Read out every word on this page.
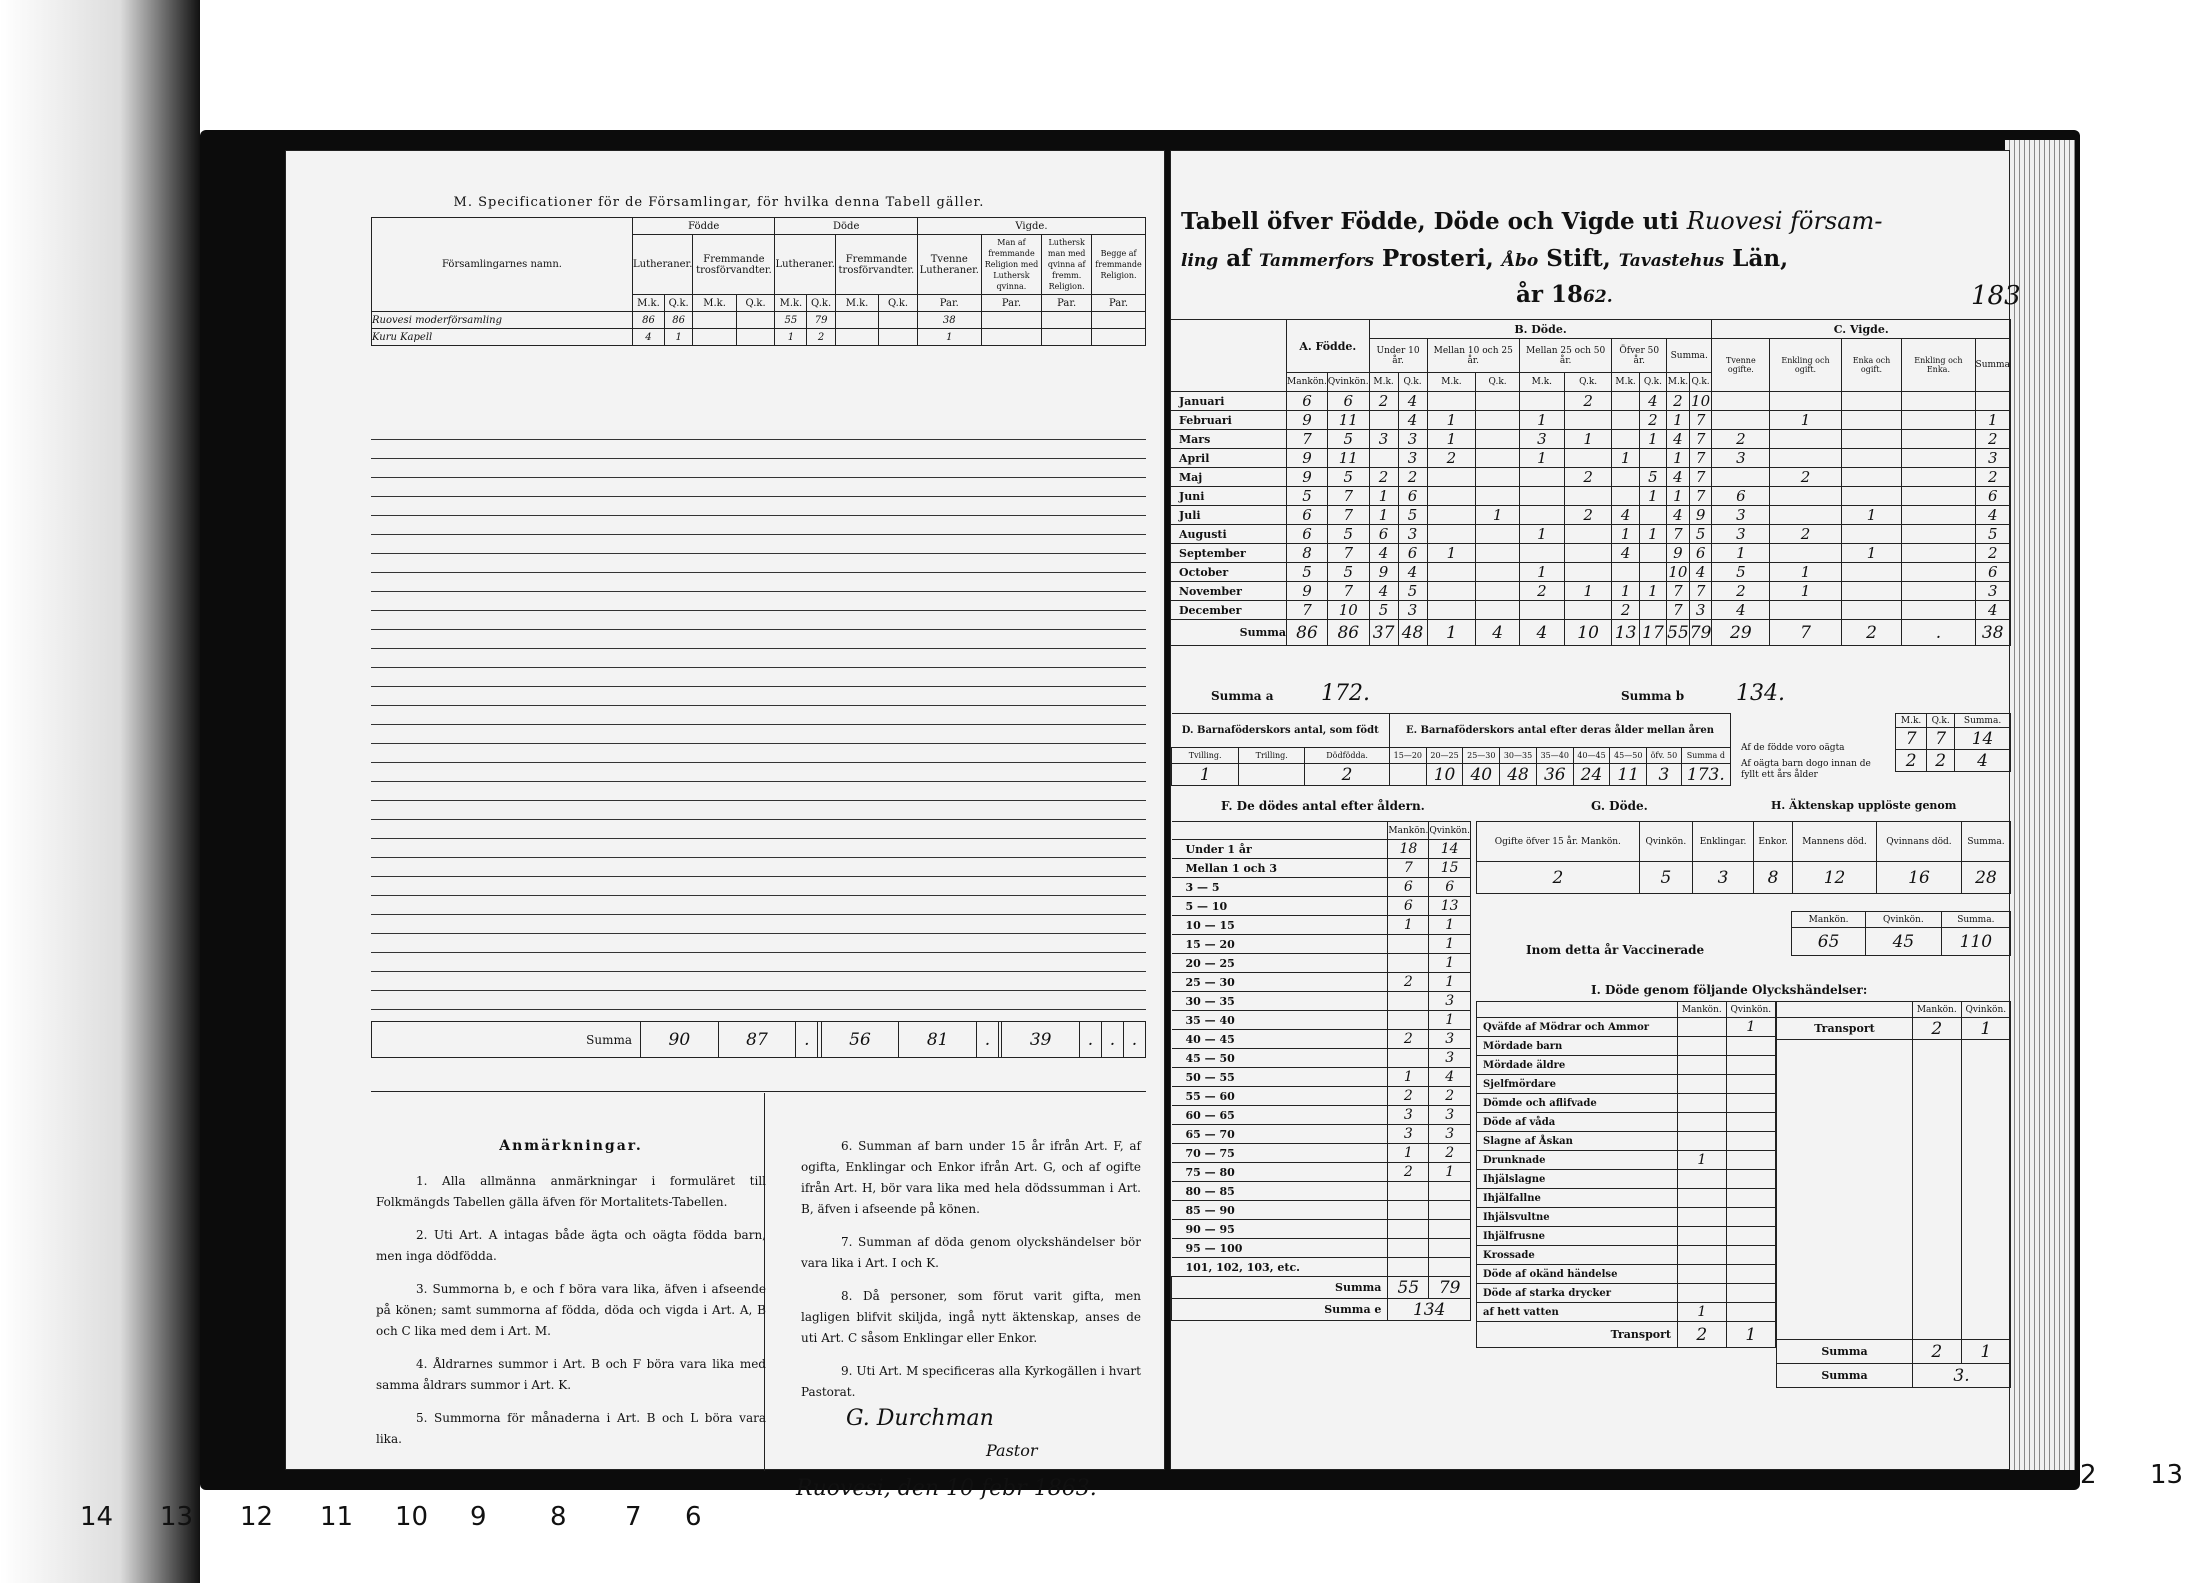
M. Specificationer för de Församlingar, för hvilka denna Tabell gäller.
Församlingarnes namn.	Födde				Döde				Vigde.			
	Lutheraner.		Fremmande trosförvandter.		Lutheraner.		Fremmande trosförvandter.		Tvenne Lutheraner.	Man af fremmande Religion med Luthersk qvinna.	Luthersk man med qvinna af fremm. Religion.	Begge af fremmande Religion.
	M.k.	Q.k.	M.k.	Q.k.	M.k.	Q.k.	M.k.	Q.k.	Par.	Par.	Par.	Par.
Ruovesi moderförsamling	86	86			55	79			38			
Kuru Kapell	4	1			1	2			1			
Summa	90	87	.		56	81	.		39	.	.	.
Anmärkningar.

1. Alla allmänna anmärkningar i formuläret till Folkmängds Tabellen gälla äfven för Mortalitets-Tabellen.

2. Uti Art. A intagas både ägta och oägta födda barn, men inga dödfödda.

3. Summorna b, e och f böra vara lika, äfven i afseende på könen; samt summorna af födda, döda och vigda i Art. A, B och C lika med dem i Art. M.

4. Åldrarnes summor i Art. B och F böra vara lika med samma åldrars summor i Art. K.

5. Summorna för månaderna i Art. B och L böra vara lika.

6. Summan af barn under 15 år ifrån Art. F, af ogifta, Enklingar och Enkor ifrån Art. G, och af ogifte ifrån Art. H, bör vara lika med hela dödssumman i Art. B, äfven i afseende på könen.

7. Summan af döda genom olyckshändelser bör vara lika i Art. I och K.

8. Då personer, som förut varit gifta, men lagligen blifvit skiljda, ingå nytt äktenskap, anses de uti Art. C såsom Enklingar eller Enkor.

9. Uti Art. M specificeras alla Kyrkogällen i hvart Pastorat.

Ruovesi, den 10 febr 1863.
G. Durchman
Pastor
Tabell öfver Födde, Döde och Vigde uti Ruovesi försam-
ling af Tammerfors Prosteri, Åbo Stift, Tavastehus Län,
år 1862.	183
	A. Födde.		B. Döde.										C. Vigde.				
			Under 10 år.		Mellan 10 och 25 år.		Mellan 25 och 50 år.		Öfver 50 år.		Summa.		Tvenne ogifte.	Enkling och ogift.	Enka och ogift.	Enkling och Enka.	Summa
	Mankön.	Qvinkön.	M.k.	Q.k.	M.k.	Q.k.	M.k.	Q.k.	M.k.	Q.k.	M.k.	Q.k.					
Januari	6	6	2	4				2		4	2	10					
Februari	9	11		4	1		1			2	1	7		1			1
Mars	7	5	3	3	1		3	1		1	4	7	2				2
April	9	11		3	2		1		1		1	7	3				3
Maj	9	5	2	2				2		5	4	7		2			2
Juni	5	7	1	6						1	1	7	6				6
Juli	6	7	1	5		1		2	4		4	9	3		1		4
Augusti	6	5	6	3			1		1	1	7	5	3	2			5
September	8	7	4	6	1				4		9	6	1		1		2
October	5	5	9	4			1				10	4	5	1			6
November	9	7	4	5			2	1	1	1	7	7	2	1			3
December	7	10	5	3					2		7	3	4				4
Summa	86	86	37	48	1	4	4	10	13	17	55	79	29	7	2	.	38
Summa a 172.	Summa b 134.
D. Barnaföderskors antal, som födt			E. Barnaföderskors antal efter deras ålder mellan åren								
Tvilling.	Trilling.	Dödfödda.	15—20	20—25	25—30	30—35	35—40	40—45	45—50	öfv. 50	Summa d
1		2		10	40	48	36	24	11	3	173.
Af de födde voro oägta
Af oägta barn dogo innan de fyllt ett års ålder
M.k.	Q.k.	Summa.
7	7	14
2	2	4
F. De dödes antal efter åldern.
	Mankön.	Qvinkön.
Under 1 år	18	14
Mellan 1 och 3	7	15
3 — 5	6	6
5 — 10	6	13
10 — 15	1	1
15 — 20		1
20 — 25		1
25 — 30	2	1
30 — 35		3
35 — 40		1
40 — 45	2	3
45 — 50		3
50 — 55	1	4
55 — 60	2	2
60 — 65	3	3
65 — 70	3	3
70 — 75	1	2
75 — 80	2	1
80 — 85		
85 — 90		
90 — 95		
95 — 100		
101, 102, 103, etc.		
Summa	55	79
Summa e	134	
G. Döde.	H. Äktenskap upplöste genom
Ogifte öfver 15 år. Mankön.	Qvinkön.	Enklingar.	Enkor.	Mannens död.	Qvinnans död.	Summa.
2	5	3	8	12	16	28
Inom detta år Vaccinerade
Mankön.	Qvinkön.	Summa.
65	45	110
I. Döde genom följande Olyckshändelser:
	Mankön.	Qvinkön.
Qväfde af Mödrar och Ammor		1
Mördade barn		
Mördade äldre		
Sjelfmördare		
Dömde och aflifvade		
Döde af våda		
Slagne af Åskan		
Drunknade	1	
Ihjälslagne		
Ihjälfallne		
Ihjälsvultne		
Ihjälfrusne		
Krossade		
Döde af okänd händelse		
Döde af starka drycker		
af hett vatten	1	
Transport	2	1
	Mankön.	Qvinkön.
Transport	2	1

Summa	2	1
Summa	3.	
14 13 12 11 10 9 8 7 6
2 13
